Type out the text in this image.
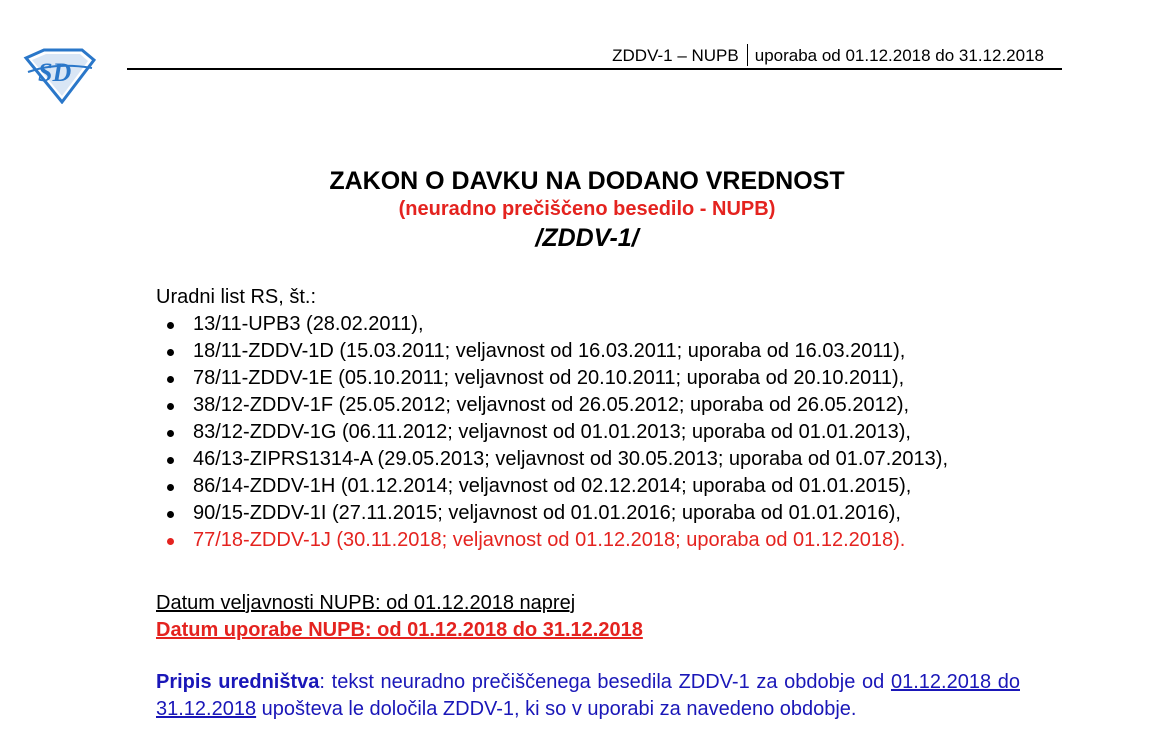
SD
ZDDV-1 – NUPB uporaba od 01.12.2018 do 31.12.2018
ZAKON O DAVKU NA DODANO VREDNOST
(neuradno prečiščeno besedilo - NUPB)
/ZDDV-1/
Uradni list RS, št.:
13/11-UPB3 (28.02.2011),
18/11-ZDDV-1D (15.03.2011; veljavnost od 16.03.2011; uporaba od 16.03.2011),
78/11-ZDDV-1E (05.10.2011; veljavnost od 20.10.2011; uporaba od 20.10.2011),
38/12-ZDDV-1F (25.05.2012; veljavnost od 26.05.2012; uporaba od 26.05.2012),
83/12-ZDDV-1G (06.11.2012; veljavnost od 01.01.2013; uporaba od 01.01.2013),
46/13-ZIPRS1314-A (29.05.2013; veljavnost od 30.05.2013; uporaba od 01.07.2013),
86/14-ZDDV-1H (01.12.2014; veljavnost od 02.12.2014; uporaba od 01.01.2015),
90/15-ZDDV-1I (27.11.2015; veljavnost od 01.01.2016; uporaba od 01.01.2016),
77/18-ZDDV-1J (30.11.2018; veljavnost od 01.12.2018; uporaba od 01.12.2018).
Datum veljavnosti NUPB: od 01.12.2018 naprej
Datum uporabe NUPB: od 01.12.2018 do 31.12.2018
Pripis uredništva: tekst neuradno prečiščenega besedila ZDDV-1 za obdobje od 01.12.2018 do 31.12.2018 upošteva le določila ZDDV-1, ki so v uporabi za navedeno obdobje.
